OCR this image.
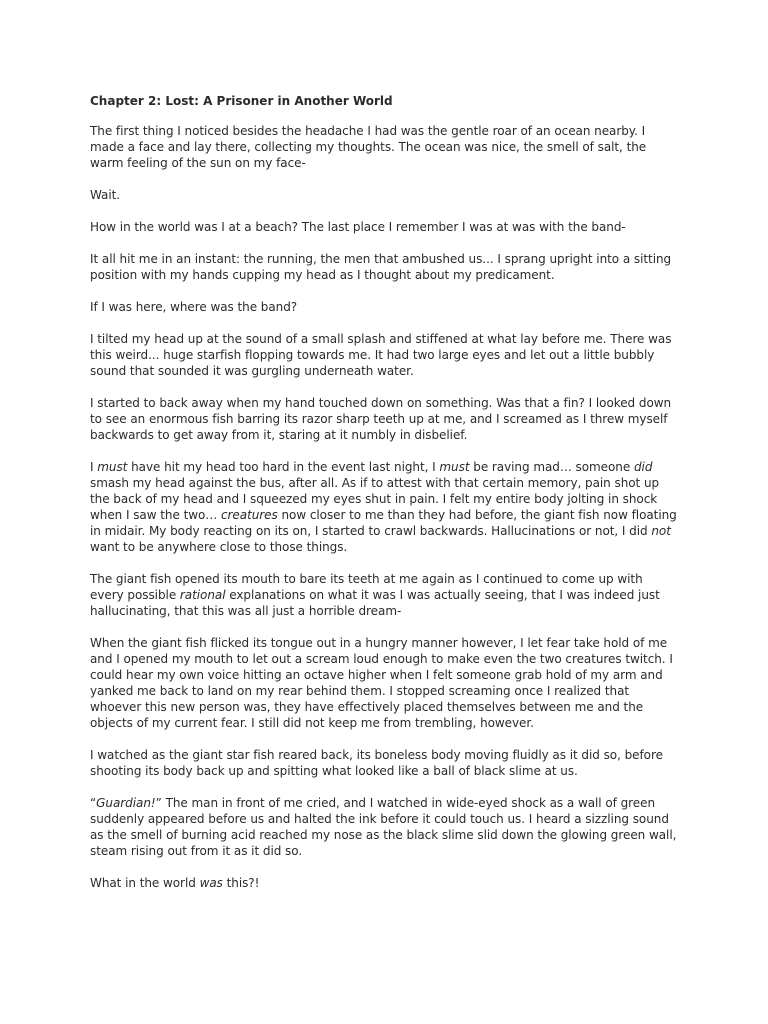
Chapter 2: Lost: A Prisoner in Another World

The first thing I noticed besides the headache I had was the gentle roar of an ocean nearby. I made a face and lay there, collecting my thoughts. The ocean was nice, the smell of salt, the warm feeling of the sun on my face-

Wait.

How in the world was I at a beach? The last place I remember I was at was with the band-

It all hit me in an instant: the running, the men that ambushed us... I sprang upright into a sitting position with my hands cupping my head as I thought about my predicament.

If I was here, where was the band?

I tilted my head up at the sound of a small splash and stiffened at what lay before me. There was this weird... huge starfish flopping towards me. It had two large eyes and let out a little bubbly sound that sounded it was gurgling underneath water.

I started to back away when my hand touched down on something. Was that a fin? I looked down to see an enormous fish barring its razor sharp teeth up at me, and I screamed as I threw myself backwards to get away from it, staring at it numbly in disbelief.

I must have hit my head too hard in the event last night, I must be raving mad… someone did smash my head against the bus, after all. As if to attest with that certain memory, pain shot up the back of my head and I squeezed my eyes shut in pain. I felt my entire body jolting in shock when I saw the two… creatures now closer to me than they had before, the giant fish now floating in midair. My body reacting on its on, I started to crawl backwards. Hallucinations or not, I did not want to be anywhere close to those things.

The giant fish opened its mouth to bare its teeth at me again as I continued to come up with every possible rational explanations on what it was I was actually seeing, that I was indeed just hallucinating, that this was all just a horrible dream-

When the giant fish flicked its tongue out in a hungry manner however, I let fear take hold of me and I opened my mouth to let out a scream loud enough to make even the two creatures twitch. I could hear my own voice hitting an octave higher when I felt someone grab hold of my arm and yanked me back to land on my rear behind them. I stopped screaming once I realized that whoever this new person was, they have effectively placed themselves between me and the objects of my current fear. I still did not keep me from trembling, however.

I watched as the giant star fish reared back, its boneless body moving fluidly as it did so, before shooting its body back up and spitting what looked like a ball of black slime at us.

“Guardian!” The man in front of me cried, and I watched in wide-eyed shock as a wall of green suddenly appeared before us and halted the ink before it could touch us. I heard a sizzling sound as the smell of burning acid reached my nose as the black slime slid down the glowing green wall, steam rising out from it as it did so.

What in the world was this?!
